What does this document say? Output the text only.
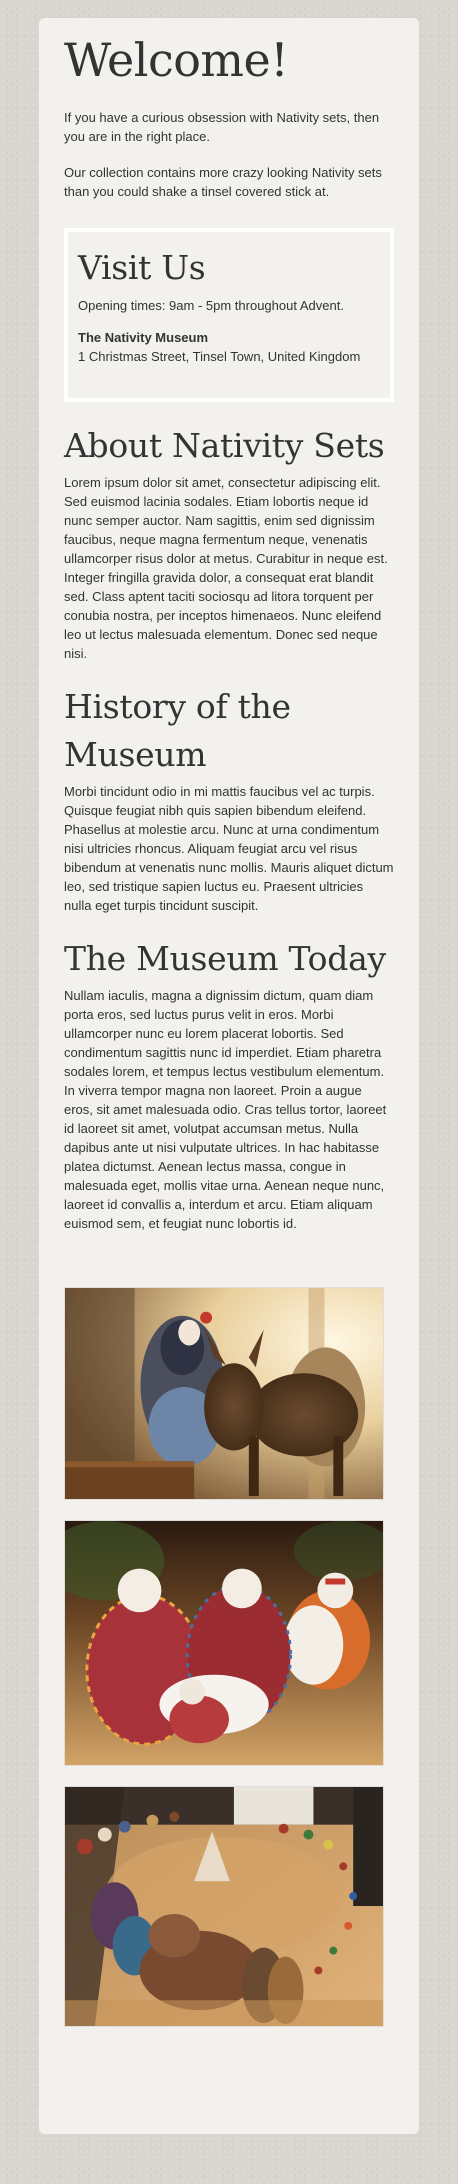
Welcome!

If you have a curious obsession with Nativity sets, then you are in the right place.

Our collection contains more crazy looking Nativity sets than you could shake a tinsel covered stick at.

Visit Us

Opening times: 9am - 5pm throughout Advent.

The Nativity Museum

1 Christmas Street, Tinsel Town, United Kingdom

About Nativity Sets

Lorem ipsum dolor sit amet, consectetur adipiscing elit. Sed euismod lacinia sodales. Etiam lobortis neque id nunc semper auctor. Nam sagittis, enim sed dignissim faucibus, neque magna fermentum neque, venenatis ullamcorper risus dolor at metus. Curabitur in neque est. Integer fringilla gravida dolor, a consequat erat blandit sed. Class aptent taciti sociosqu ad litora torquent per conubia nostra, per inceptos himenaeos. Nunc eleifend leo ut lectus malesuada elementum. Donec sed neque nisi.

History of the Museum

Morbi tincidunt odio in mi mattis faucibus vel ac turpis. Quisque feugiat nibh quis sapien bibendum eleifend. Phasellus at molestie arcu. Nunc at urna condimentum nisi ultricies rhoncus. Aliquam feugiat arcu vel risus bibendum at venenatis nunc mollis. Mauris aliquet dictum leo, sed tristique sapien luctus eu. Praesent ultricies nulla eget turpis tincidunt suscipit.

The Museum Today

Nullam iaculis, magna a dignissim dictum, quam diam porta eros, sed luctus purus velit in eros. Morbi ullamcorper nunc eu lorem placerat lobortis. Sed condimentum sagittis nunc id imperdiet. Etiam pharetra sodales lorem, et tempus lectus vestibulum elementum. In viverra tempor magna non laoreet. Proin a augue eros, sit amet malesuada odio. Cras tellus tortor, laoreet id laoreet sit amet, volutpat accumsan metus. Nulla dapibus ante ut nisi vulputate ultrices. In hac habitasse platea dictumst. Aenean lectus massa, congue in malesuada eget, mollis vitae urna. Aenean neque nunc, laoreet id convallis a, interdum et arcu. Etiam aliquam euismod sem, et feugiat nunc lobortis id.
